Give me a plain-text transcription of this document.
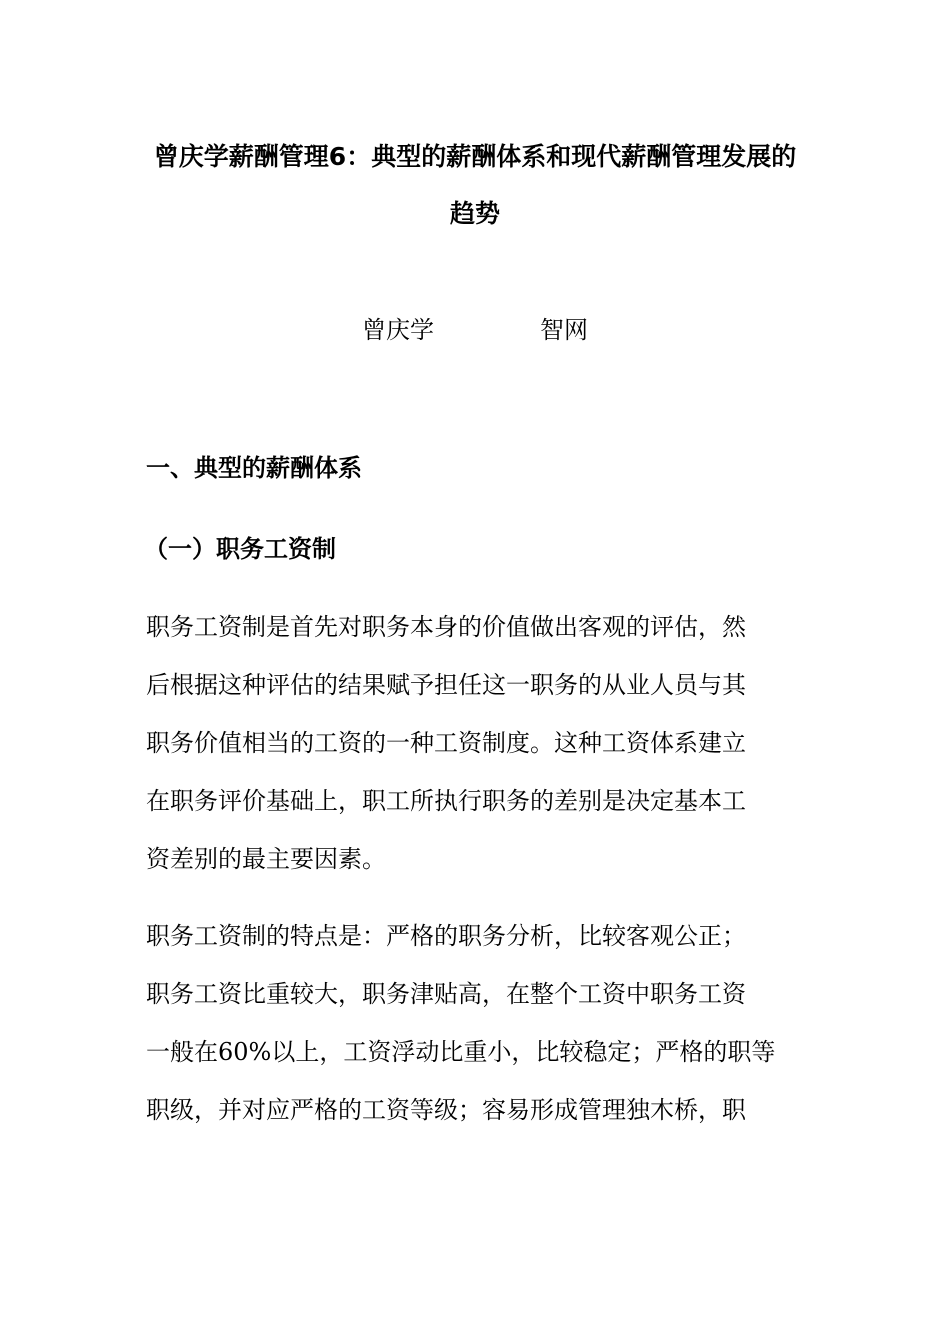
曾庆学薪酬管理6：典型的薪酬体系和现代薪酬管理发展的
趋势
曾庆学	智网
一、典型的薪酬体系
（一）职务工资制
职务工资制是首先对职务本身的价值做出客观的评估，然
后根据这种评估的结果赋予担任这一职务的从业人员与其
职务价值相当的工资的一种工资制度。这种工资体系建立
在职务评价基础上，职工所执行职务的差别是决定基本工
资差别的最主要因素。
职务工资制的特点是：严格的职务分析，比较客观公正；
职务工资比重较大，职务津贴高，在整个工资中职务工资
一般在60%以上，工资浮动比重小，比较稳定；严格的职等
职级，并对应严格的工资等级；容易形成管理独木桥，职
